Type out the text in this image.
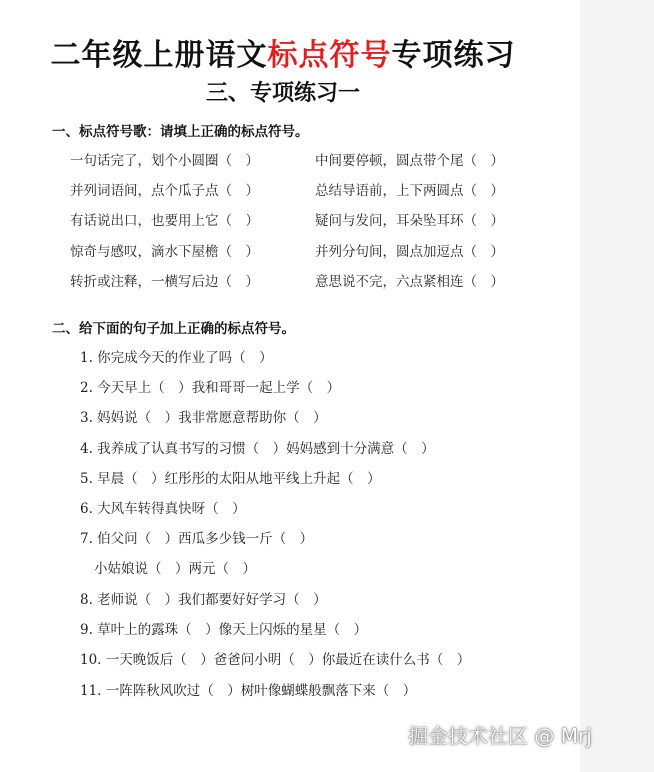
二年级上册语文标点符号专项练习
三、专项练习一
一、标点符号歌：请填上正确的标点符号。
一句话完了，划个小圆圈（　）
并列词语间，点个瓜子点（　）
有话说出口，也要用上它（　）
惊奇与感叹，滴水下屋檐（　）
转折或注释，一横写后边（　）
中间要停顿，圆点带个尾（　）
总结导语前，上下两圆点（　）
疑问与发问，耳朵坠耳环（　）
并列分句间，圆点加逗点（　）
意思说不完，六点紧相连（　）
二、给下面的句子加上正确的标点符号。
1. 你完成今天的作业了吗（　）
2. 今天早上（　）我和哥哥一起上学（　）
3. 妈妈说（　）我非常愿意帮助你（　）
4. 我养成了认真书写的习惯（　）妈妈感到十分满意（　）
5. 早晨（　）红彤彤的太阳从地平线上升起（　）
6. 大风车转得真快呀（　）
7. 伯父问（　）西瓜多少钱一斤（　）
小姑娘说（　）两元（　）
8. 老师说（　）我们都要好好学习（　）
9. 草叶上的露珠（　）像天上闪烁的星星（　）
10. 一天晚饭后（　）爸爸问小明（　）你最近在读什么书（　）
11. 一阵阵秋风吹过（　）树叶像蝴蝶般飘落下来（　）
掘金技术社区 @ Mrj
